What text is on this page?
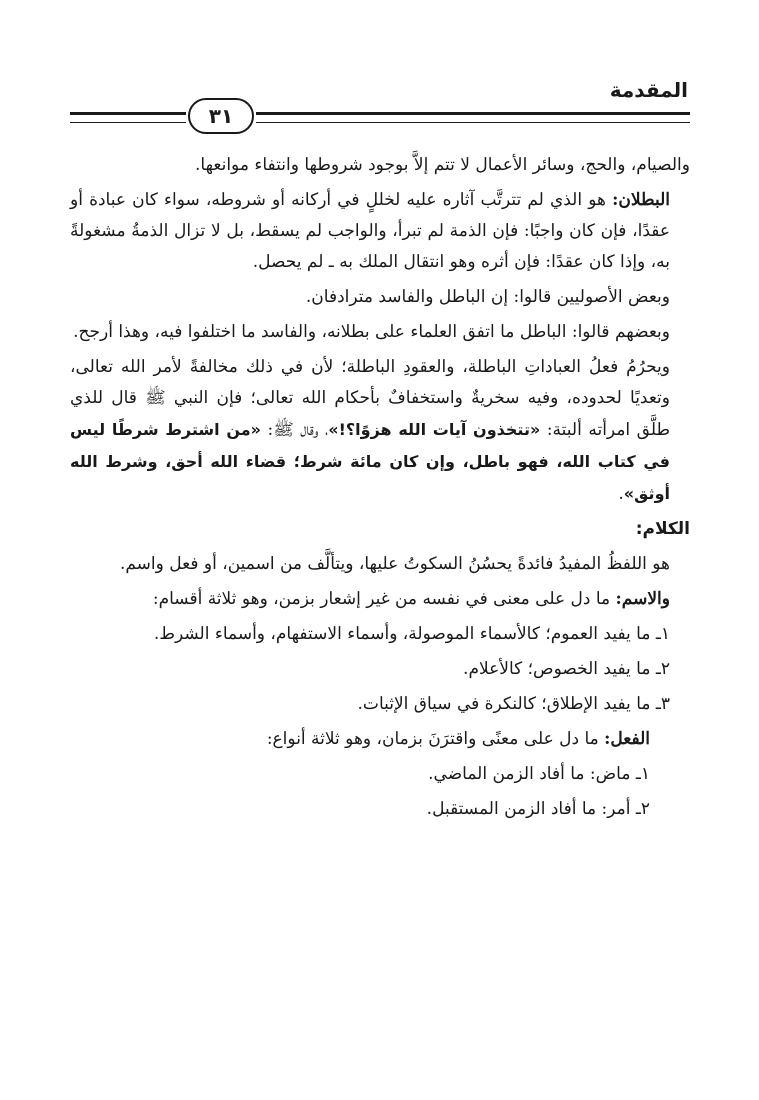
المقدمة
٣١

والصيام، والحج، وسائر الأعمال لا تتم إلاَّ بوجود شروطها وانتفاء موانعها.

البطلان: هو الذي لم تترتَّب آثاره عليه لخللٍ في أركانه أو شروطه، سواء كان عبادة أو عقدًا، فإن كان واجبًا: فإن الذمة لم تبرأ، والواجب لم يسقط، بل لا تزال الذمةُ مشغولةً به، وإذا كان عقدًا: فإن أثره وهو انتقال الملك به ـ لم يحصل.

وبعض الأصوليين قالوا: إن الباطل والفاسد مترادفان.

وبعضهم قالوا: الباطل ما اتفق العلماء على بطلانه، والفاسد ما اختلفوا فيه، وهذا أرجح.

ويحرُمُ فعلُ العباداتِ الباطلة، والعقودِ الباطلة؛ لأن في ذلك مخالفةً لأمر الله تعالى، وتعديًا لحدوده، وفيه سخريةٌ واستخفافٌ بأحكام الله تعالى؛ فإن النبي ﷺ قال للذي طلَّق امرأته ألبتة: «تتخذون آيات الله هزوًا؟!»، وقال ﷺ: «من اشترط شرطًا ليس في كتاب الله، فهو باطل، وإن كان مائة شرط؛ قضاء الله أحق، وشرط الله أوثق».

الكلام:

هو اللفظُ المفيدُ فائدةً يحسُنُ السكوتُ عليها، ويتألَّف من اسمين، أو فعل واسم.

والاسم: ما دل على معنى في نفسه من غير إشعار بزمن، وهو ثلاثة أقسام:

١ـ ما يفيد العموم؛ كالأسماء الموصولة، وأسماء الاستفهام، وأسماء الشرط.

٢ـ ما يفيد الخصوص؛ كالأعلام.

٣ـ ما يفيد الإطلاق؛ كالنكرة في سياق الإثبات.

الفعل: ما دل على معنًى واقترَنَ بزمان، وهو ثلاثة أنواع:

١ـ ماض: ما أفاد الزمن الماضي.

٢ـ أمر: ما أفاد الزمن المستقبل.
